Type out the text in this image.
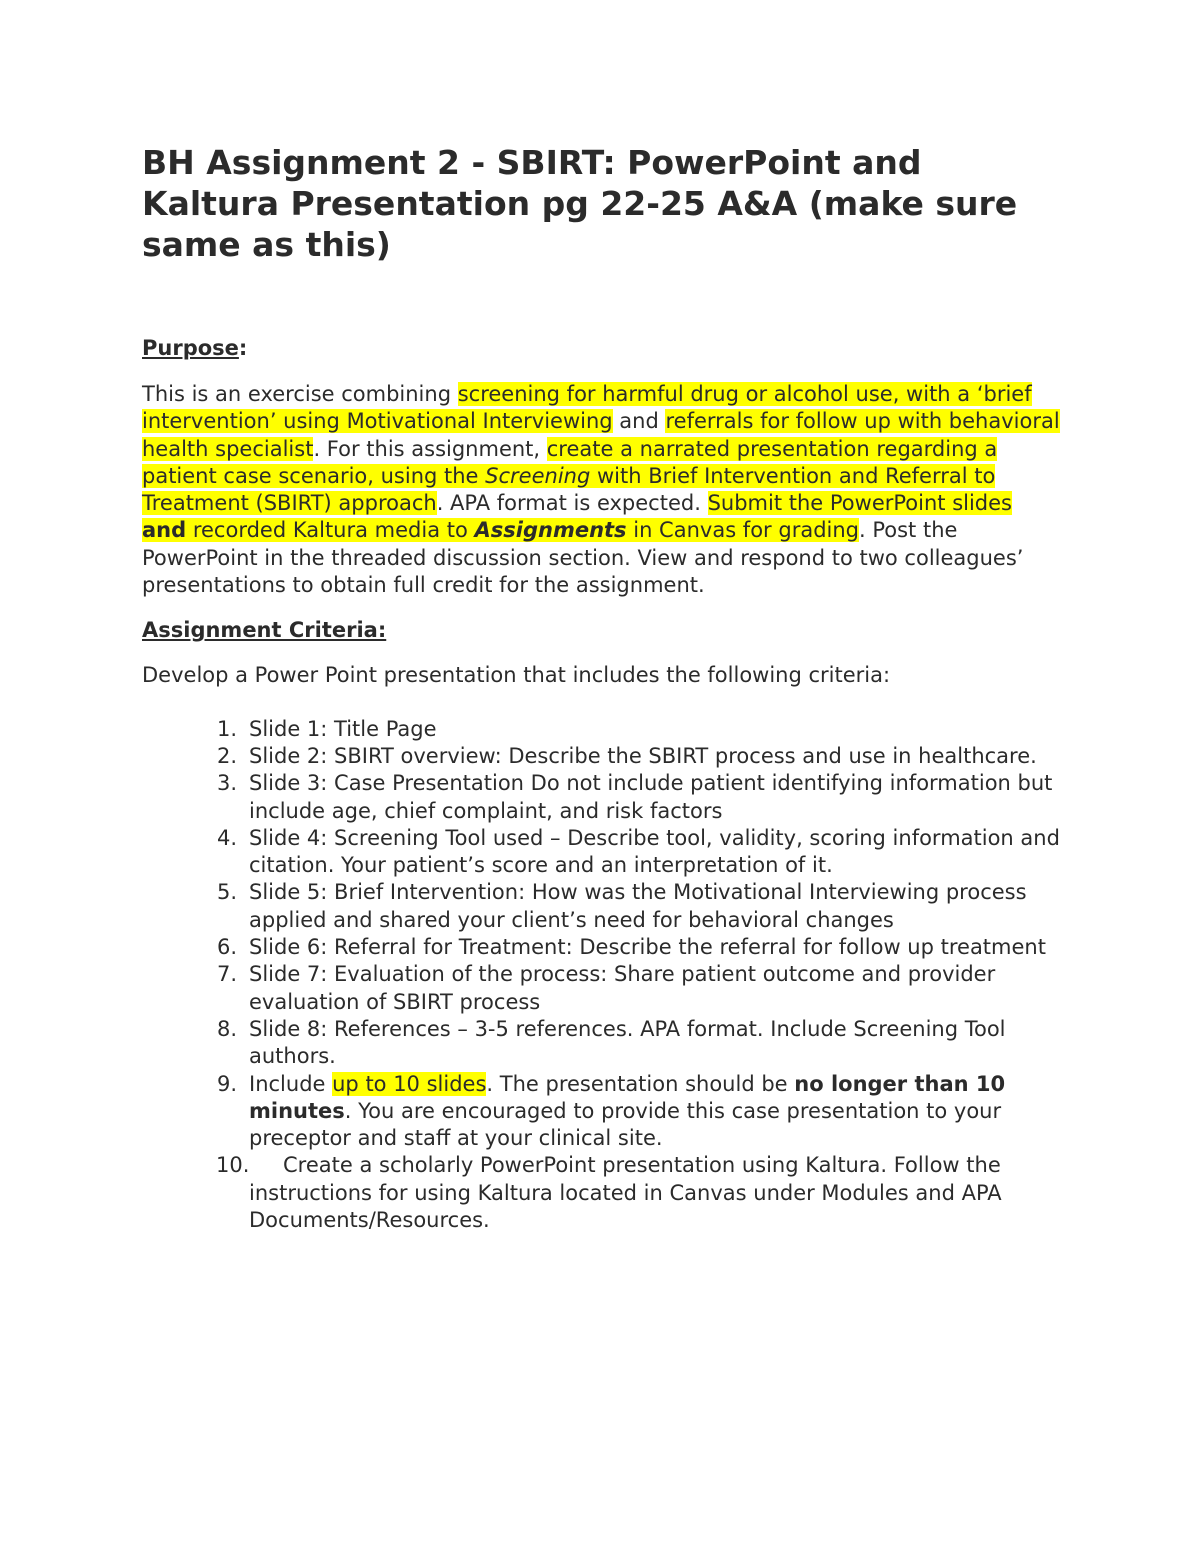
BH Assignment 2 - SBIRT: PowerPoint and Kaltura Presentation pg 22-25 A&A (make sure same as this)

Purpose:

This is an exercise combining screening for harmful drug or alcohol use, with a ‘brief intervention’ using Motivational Interviewing and referrals for follow up with behavioral health specialist. For this assignment, create a narrated presentation regarding a patient case scenario, using the Screening with Brief Intervention and Referral to Treatment (SBIRT) approach. APA format is expected. Submit the PowerPoint slides and recorded Kaltura media to Assignments in Canvas for grading. Post the PowerPoint in the threaded discussion section. View and respond to two colleagues’ presentations to obtain full credit for the assignment.

Assignment Criteria:

Develop a Power Point presentation that includes the following criteria:

1. Slide 1: Title Page
2. Slide 2: SBIRT overview: Describe the SBIRT process and use in healthcare.
3. Slide 3: Case Presentation Do not include patient identifying information but include age, chief complaint, and risk factors
4. Slide 4: Screening Tool used – Describe tool, validity, scoring information and citation. Your patient’s score and an interpretation of it.
5. Slide 5: Brief Intervention: How was the Motivational Interviewing process applied and shared your client’s need for behavioral changes
6. Slide 6: Referral for Treatment: Describe the referral for follow up treatment
7. Slide 7: Evaluation of the process: Share patient outcome and provider evaluation of SBIRT process
8. Slide 8: References – 3-5 references. APA format. Include Screening Tool authors.
9. Include up to 10 slides. The presentation should be no longer than 10 minutes. You are encouraged to provide this case presentation to your preceptor and staff at your clinical site.
10. Create a scholarly PowerPoint presentation using Kaltura. Follow the instructions for using Kaltura located in Canvas under Modules and APA Documents/Resources.
